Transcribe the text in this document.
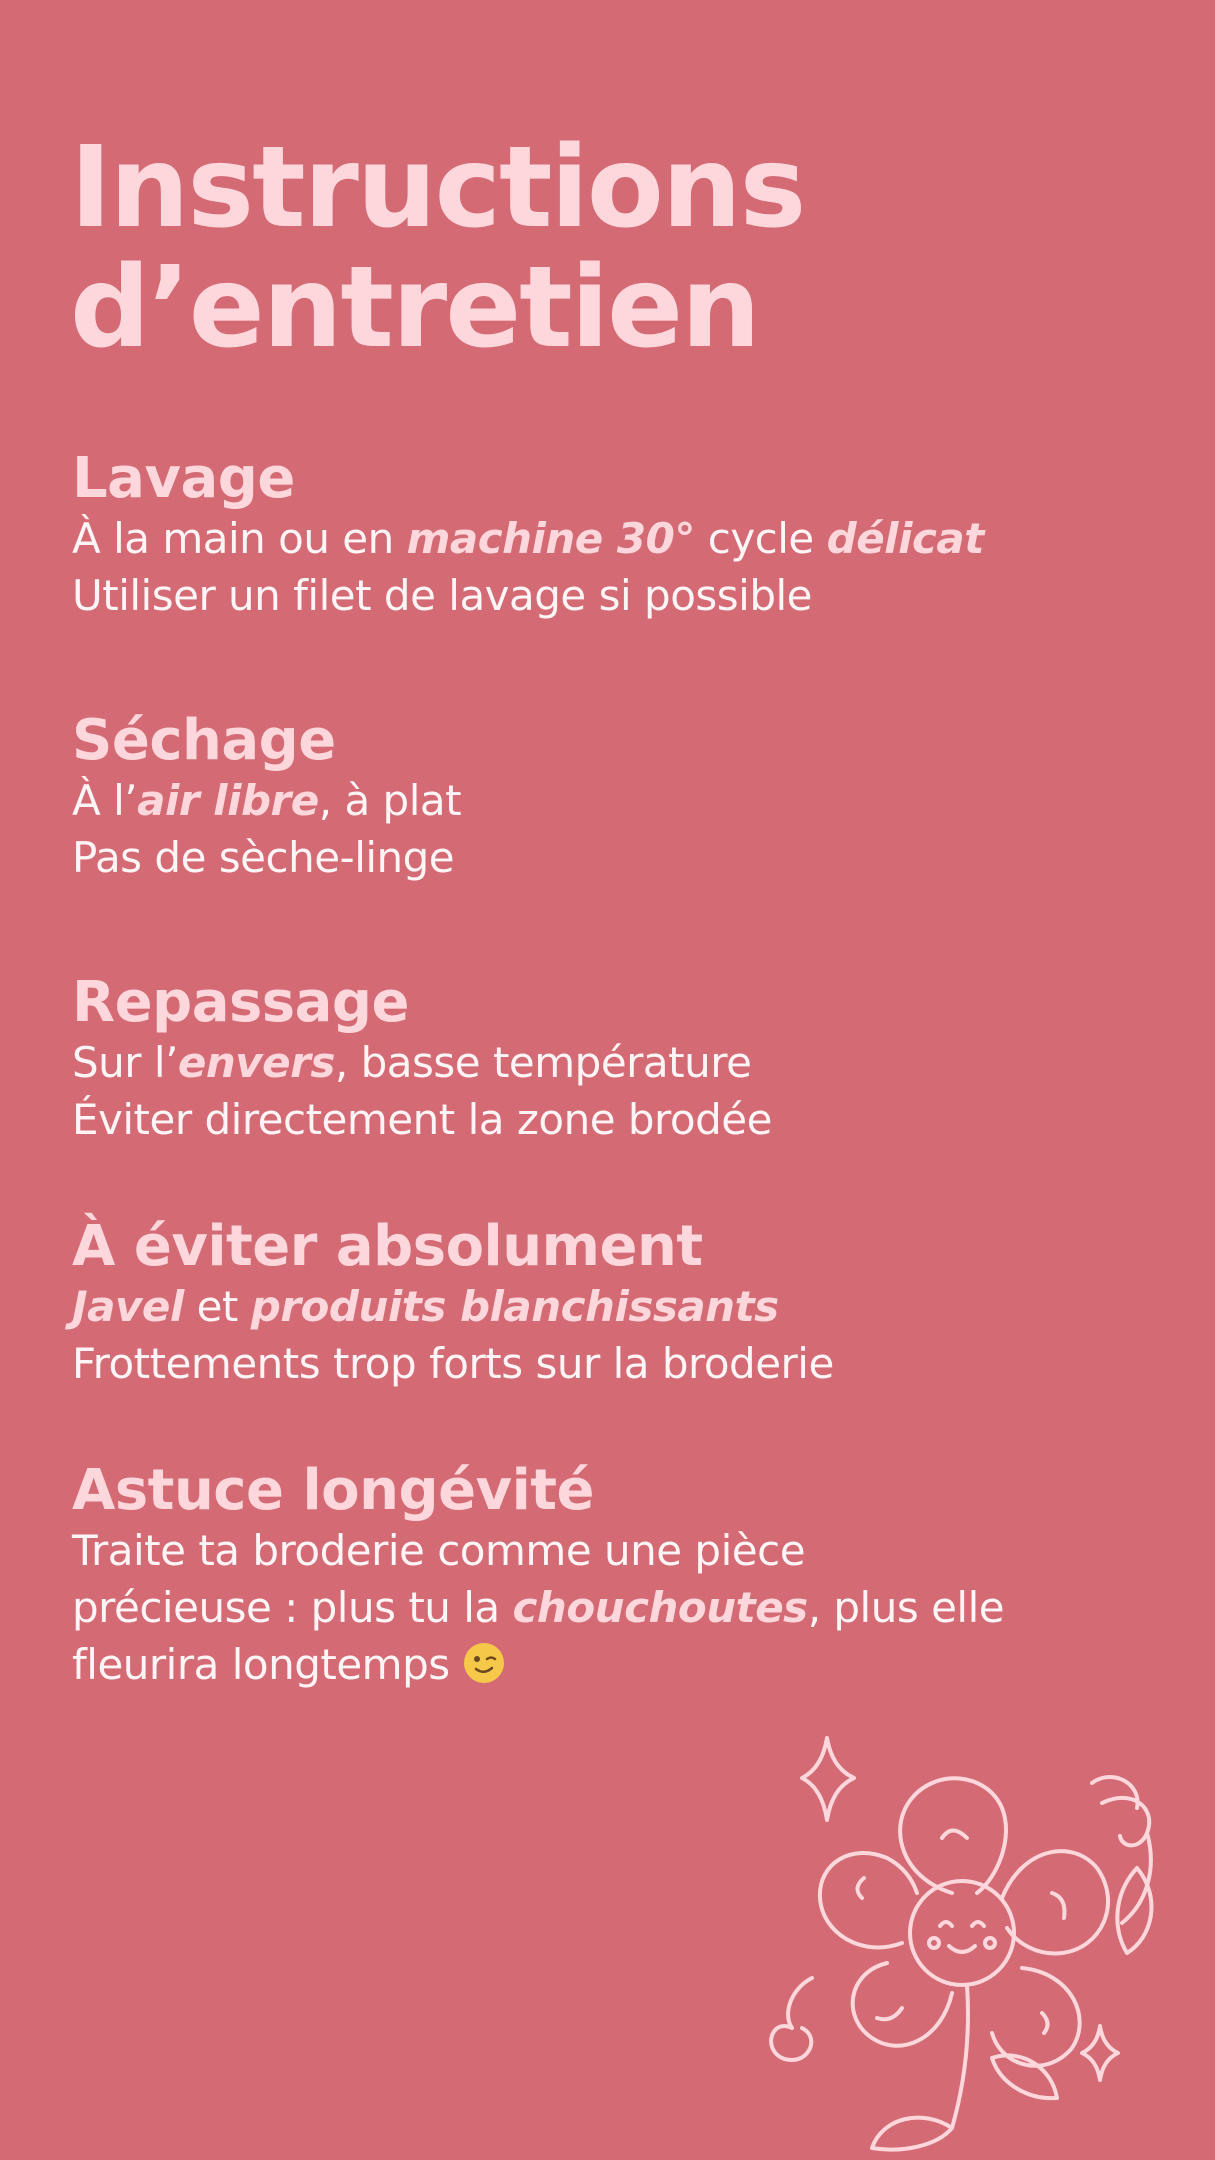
Instructions
d’entretien
Lavage

À la main ou en machine 30° cycle délicat

Utiliser un filet de lavage si possible

Séchage

À l’air libre, à plat

Pas de sèche-linge

Repassage

Sur l’envers, basse température

Éviter directement la zone brodée

À éviter absolument

Javel et produits blanchissants

Frottements trop forts sur la broderie

Astuce longévité

Traite ta broderie comme une pièce

précieuse : plus tu la chouchoutes, plus elle

fleurira longtemps
